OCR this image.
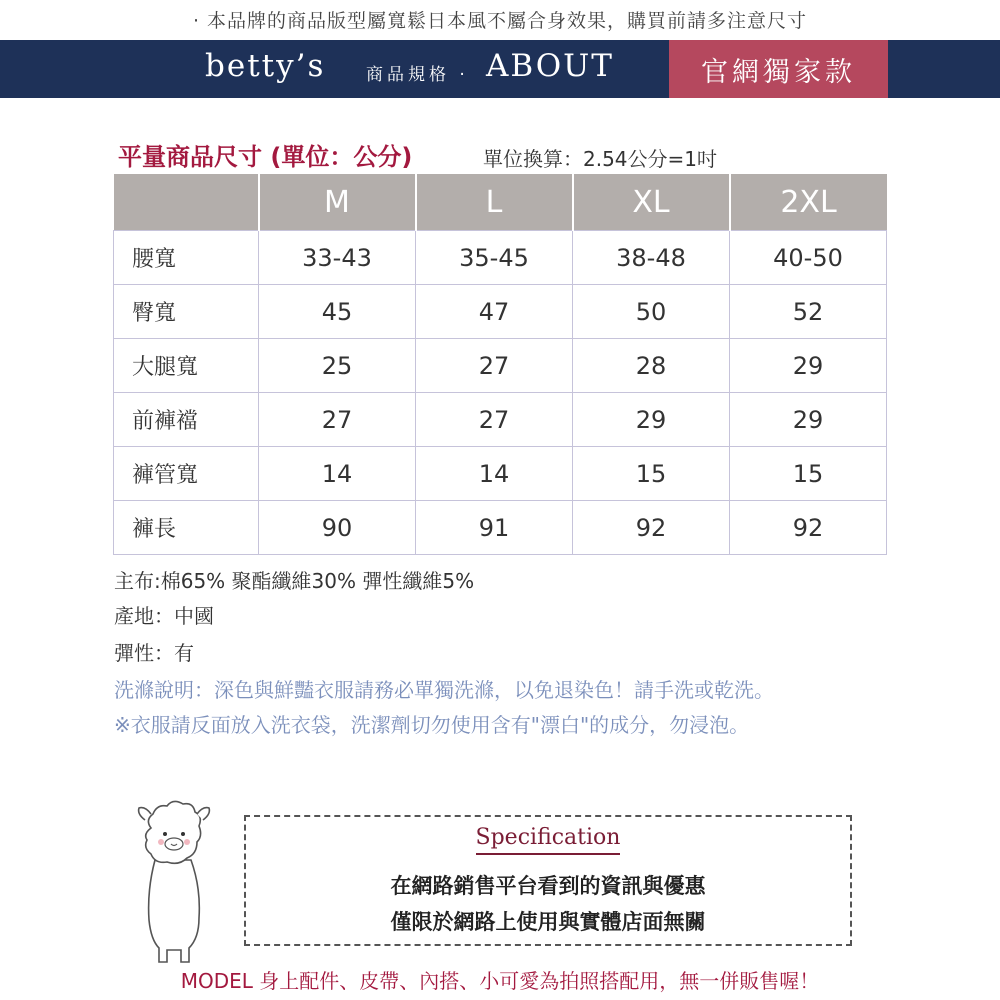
· 本品牌的商品版型屬寬鬆日本風不屬合身效果，購買前請多注意尺寸
betty’s 商品規格 · ABOUT	官網獨家款
平量商品尺寸 (單位：公分)	單位換算：2.54公分=1吋
	M	L	XL	2XL
腰寬	33-43	35-45	38-48	40-50
臀寬	45	47	50	52
大腿寬	25	27	28	29
前褲襠	27	27	29	29
褲管寬	14	14	15	15
褲長	90	91	92	92
主布:棉65% 聚酯纖維30% 彈性纖維5%
產地：中國
彈性：有
洗滌說明：深色與鮮豔衣服請務必單獨洗滌，以免退染色！請手洗或乾洗。
※衣服請反面放入洗衣袋，洗潔劑切勿使用含有"漂白"的成分，勿浸泡。
Specification
在網路銷售平台看到的資訊與優惠
僅限於網路上使用與實體店面無關
MODEL 身上配件、皮帶、內搭、小可愛為拍照搭配用，無一併販售喔！
